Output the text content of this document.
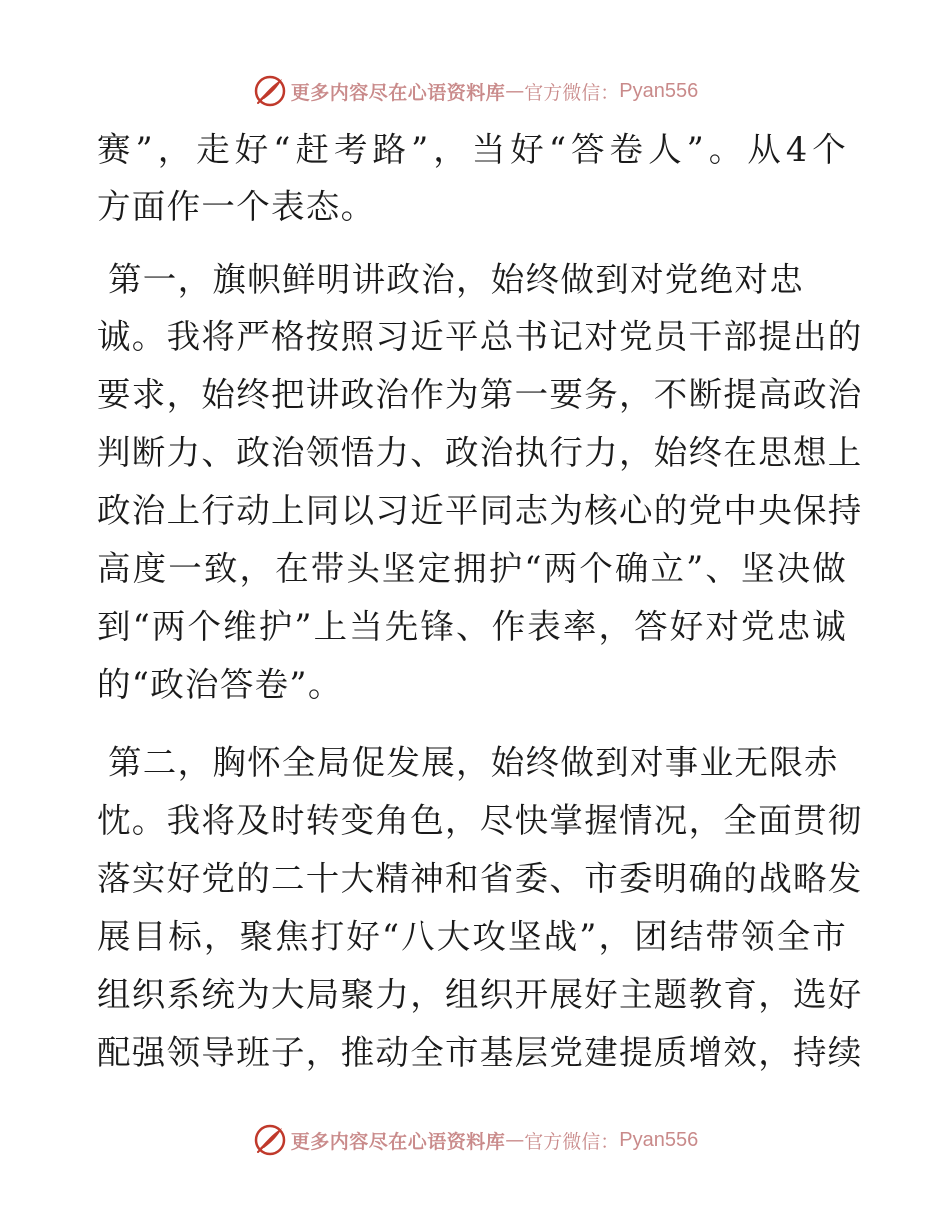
更多内容尽在心语资料库 — 官方微信： Pyan556
赛”，走好“赶考路”，当好“答卷人”。从4个
方面作一个表态。
第一，旗帜鲜明讲政治，始终做到对党绝对忠
诚。我将严格按照习近平总书记对党员干部提出的
要求，始终把讲政治作为第一要务，不断提高政治
判断力、政治领悟力、政治执行力，始终在思想上
政治上行动上同以习近平同志为核心的党中央保持
高度一致，在带头坚定拥护“两个确立”、坚决做
到“两个维护”上当先锋、作表率，答好对党忠诚
的“政治答卷”。
第二，胸怀全局促发展，始终做到对事业无限赤
忱。我将及时转变角色，尽快掌握情况，全面贯彻
落实好党的二十大精神和省委、市委明确的战略发
展目标，聚焦打好“八大攻坚战”，团结带领全市
组织系统为大局聚力，组织开展好主题教育，选好
配强领导班子，推动全市基层党建提质增效，持续
更多内容尽在心语资料库 — 官方微信： Pyan556
